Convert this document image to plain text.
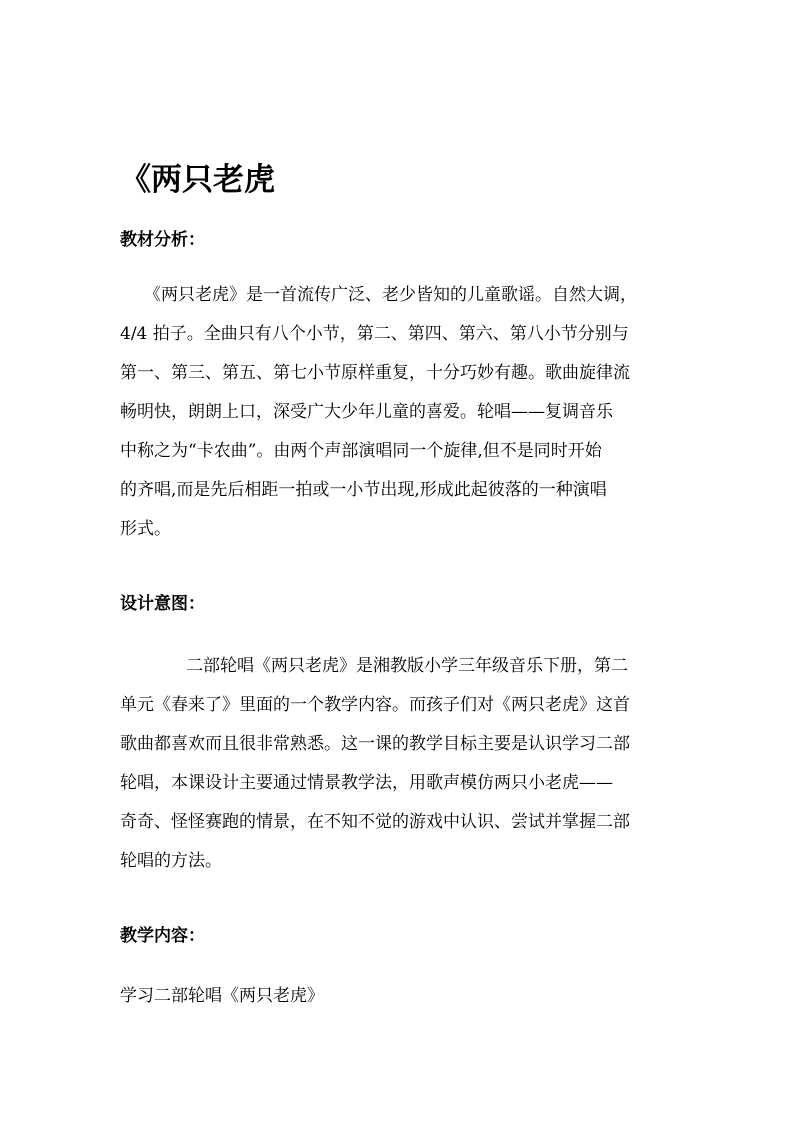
《两只老虎
教材分析：
《两只老虎》是一首流传广泛、老少皆知的儿童歌谣。自然大调，
4/4 拍子。全曲只有八个小节，第二、第四、第六、第八小节分别与
第一、第三、第五、第七小节原样重复，十分巧妙有趣。歌曲旋律流
畅明快，朗朗上口，深受广大少年儿童的喜爱。轮唱——复调音乐
中称之为“卡农曲”。由两个声部演唱同一个旋律,但不是同时开始
的齐唱,而是先后相距一拍或一小节出现,形成此起彼落的一种演唱
形式。
设计意图：
二部轮唱《两只老虎》是湘教版小学三年级音乐下册，第二
单元《春来了》里面的一个教学内容。而孩子们对《两只老虎》这首
歌曲都喜欢而且很非常熟悉。这一课的教学目标主要是认识学习二部
轮唱，本课设计主要通过情景教学法，用歌声模仿两只小老虎——
奇奇、怪怪赛跑的情景，在不知不觉的游戏中认识、尝试并掌握二部
轮唱的方法。
教学内容：
学习二部轮唱《两只老虎》
